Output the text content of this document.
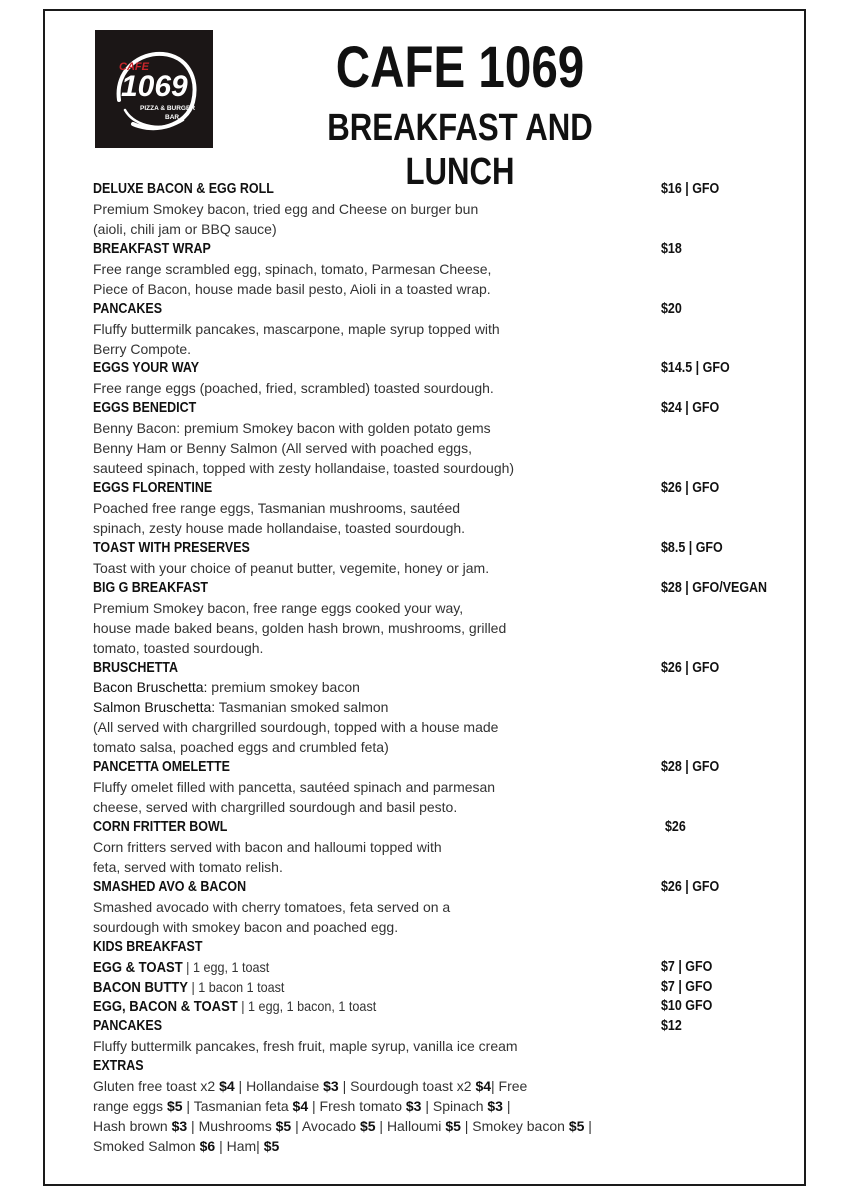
CAFE
1069
PIZZA & BURGER
BAR
CAFE 1069
BREAKFAST AND LUNCH
DELUXE BACON & EGG ROLL	$16 | GFO
Premium Smokey bacon, tried egg and Cheese on burger bun
(aioli, chili jam or BBQ sauce)
BREAKFAST WRAP	$18
Free range scrambled egg, spinach, tomato, Parmesan Cheese,
Piece of Bacon, house made basil pesto, Aioli in a toasted wrap.
PANCAKES	$20
Fluffy buttermilk pancakes, mascarpone, maple syrup topped with
Berry Compote.
EGGS YOUR WAY	$14.5 | GFO
Free range eggs (poached, fried, scrambled) toasted sourdough.
EGGS BENEDICT	$24 | GFO
Benny Bacon: premium Smokey bacon with golden potato gems
Benny Ham or Benny Salmon (All served with poached eggs,
sauteed spinach, topped with zesty hollandaise, toasted sourdough)
EGGS FLORENTINE	$26 | GFO
Poached free range eggs, Tasmanian mushrooms, sautéed
spinach, zesty house made hollandaise, toasted sourdough.
TOAST WITH PRESERVES	$8.5 | GFO
Toast with your choice of peanut butter, vegemite, honey or jam.
BIG G BREAKFAST	$28 | GFO/VEGAN
Premium Smokey bacon, free range eggs cooked your way,
house made baked beans, golden hash brown, mushrooms, grilled
tomato, toasted sourdough.
BRUSCHETTA	$26 | GFO
Bacon Bruschetta: premium smokey bacon
Salmon Bruschetta: Tasmanian smoked salmon
(All served with chargrilled sourdough, topped with a house made
tomato salsa, poached eggs and crumbled feta)
PANCETTA OMELETTE	$28 | GFO
Fluffy omelet filled with pancetta, sautéed spinach and parmesan
cheese, served with chargrilled sourdough and basil pesto.
CORN FRITTER BOWL	$26
Corn fritters served with bacon and halloumi topped with
feta, served with tomato relish.
SMASHED AVO & BACON	$26 | GFO
Smashed avocado with cherry tomatoes, feta served on a
sourdough with smokey bacon and poached egg.
KIDS BREAKFAST
EGG & TOAST | 1 egg, 1 toast	$7 | GFO
BACON BUTTY | 1 bacon 1 toast	$7 | GFO
EGG, BACON & TOAST | 1 egg, 1 bacon, 1 toast	$10 GFO
PANCAKES	$12
Fluffy buttermilk pancakes, fresh fruit, maple syrup, vanilla ice cream
EXTRAS
Gluten free toast x2 $4 | Hollandaise $3 | Sourdough toast x2 $4| Free
range eggs $5 | Tasmanian feta $4 | Fresh tomato $3 | Spinach $3 |
Hash brown $3 | Mushrooms $5 | Avocado $5 | Halloumi $5 | Smokey bacon $5 |
Smoked Salmon $6 | Ham| $5
